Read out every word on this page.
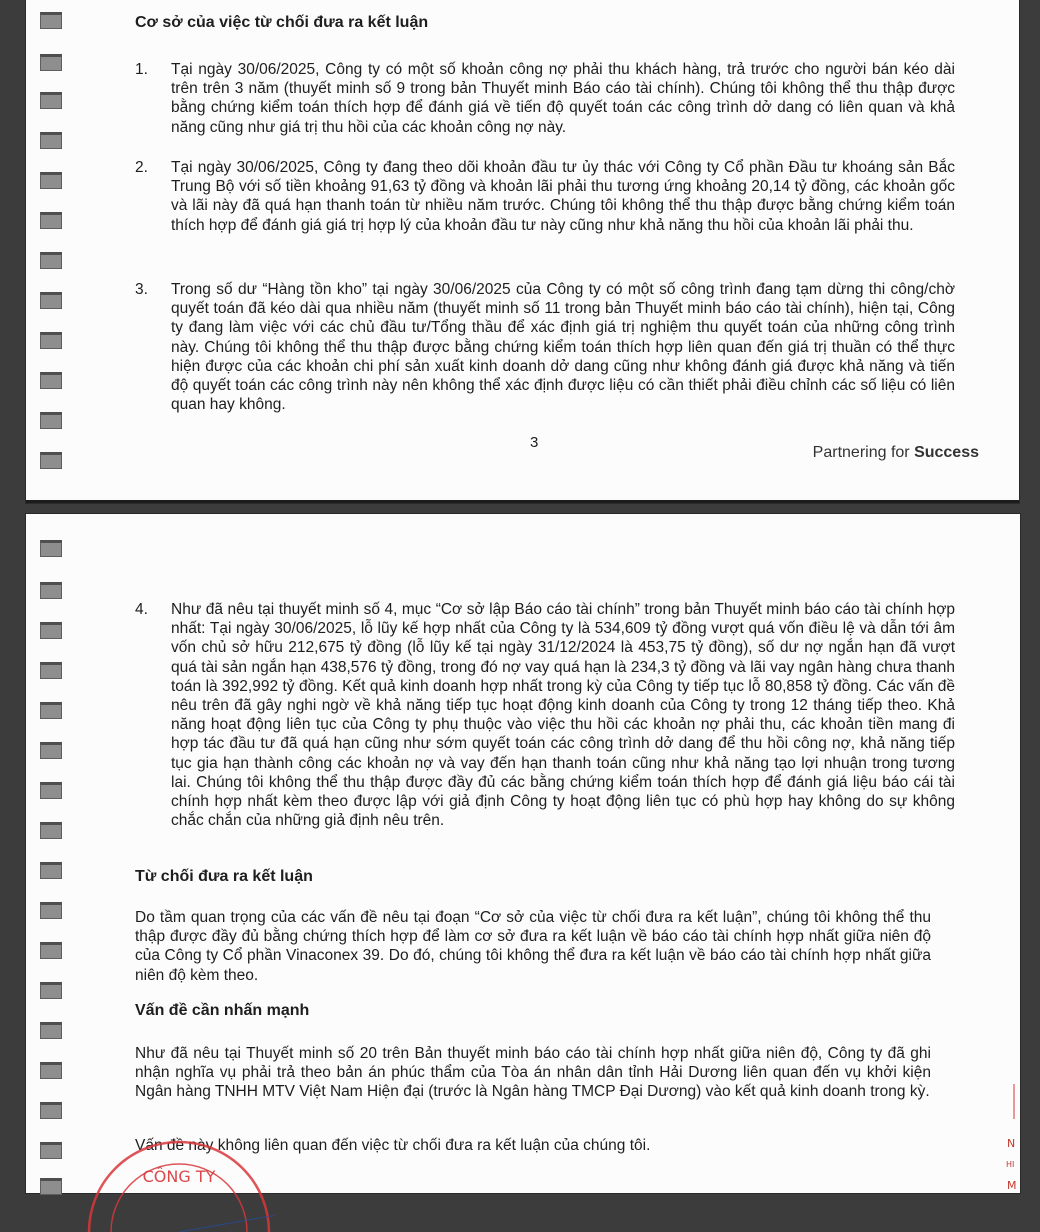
Cơ sở của việc từ chối đưa ra kết luận
1. Tại ngày 30/06/2025, Công ty có một số khoản công nợ phải thu khách hàng, trả trước cho người bán kéo dài trên trên 3 năm (thuyết minh số 9 trong bản Thuyết minh Báo cáo tài chính). Chúng tôi không thể thu thập được bằng chứng kiểm toán thích hợp để đánh giá về tiến độ quyết toán các công trình dở dang có liên quan và khả năng cũng như giá trị thu hồi của các khoản công nợ này.
2. Tại ngày 30/06/2025, Công ty đang theo dõi khoản đầu tư ủy thác với Công ty Cổ phần Đầu tư khoáng sản Bắc Trung Bộ với số tiền khoảng 91,63 tỷ đồng và khoản lãi phải thu tương ứng khoảng 20,14 tỷ đồng, các khoản gốc và lãi này đã quá hạn thanh toán từ nhiều năm trước. Chúng tôi không thể thu thập được bằng chứng kiểm toán thích hợp để đánh giá giá trị hợp lý của khoản đầu tư này cũng như khả năng thu hồi của khoản lãi phải thu.
3. Trong số dư “Hàng tồn kho” tại ngày 30/06/2025 của Công ty có một số công trình đang tạm dừng thi công/chờ quyết toán đã kéo dài qua nhiều năm (thuyết minh số 11 trong bản Thuyết minh báo cáo tài chính), hiện tại, Công ty đang làm việc với các chủ đầu tư/Tổng thầu để xác định giá trị nghiệm thu quyết toán của những công trình này. Chúng tôi không thể thu thập được bằng chứng kiểm toán thích hợp liên quan đến giá trị thuần có thể thực hiện được của các khoản chi phí sản xuất kinh doanh dở dang cũng như không đánh giá được khả năng và tiến độ quyết toán các công trình này nên không thể xác định được liệu có cần thiết phải điều chỉnh các số liệu có liên quan hay không.
3
Partnering for Success
4. Như đã nêu tại thuyết minh số 4, mục “Cơ sở lập Báo cáo tài chính” trong bản Thuyết minh báo cáo tài chính hợp nhất: Tại ngày 30/06/2025, lỗ lũy kế hợp nhất của Công ty là 534,609 tỷ đồng vượt quá vốn điều lệ và dẫn tới âm vốn chủ sở hữu 212,675 tỷ đồng (lỗ lũy kế tại ngày 31/12/2024 là 453,75 tỷ đồng), số dư nợ ngắn hạn đã vượt quá tài sản ngắn hạn 438,576 tỷ đồng, trong đó nợ vay quá hạn là 234,3 tỷ đồng và lãi vay ngân hàng chưa thanh toán là 392,992 tỷ đồng. Kết quả kinh doanh hợp nhất trong kỳ của Công ty tiếp tục lỗ 80,858 tỷ đồng. Các vấn đề nêu trên đã gây nghi ngờ về khả năng tiếp tục hoạt động kinh doanh của Công ty trong 12 tháng tiếp theo. Khả năng hoạt động liên tục của Công ty phụ thuộc vào việc thu hồi các khoản nợ phải thu, các khoản tiền mang đi hợp tác đầu tư đã quá hạn cũng như sớm quyết toán các công trình dở dang để thu hồi công nợ, khả năng tiếp tục gia hạn thành công các khoản nợ và vay đến hạn thanh toán cũng như khả năng tạo lợi nhuận trong tương lai. Chúng tôi không thể thu thập được đầy đủ các bằng chứng kiểm toán thích hợp để đánh giá liệu báo cái tài chính hợp nhất kèm theo được lập với giả định Công ty hoạt động liên tục có phù hợp hay không do sự không chắc chắn của những giả định nêu trên.
Từ chối đưa ra kết luận

Do tầm quan trọng của các vấn đề nêu tại đoạn “Cơ sở của việc từ chối đưa ra kết luận”, chúng tôi không thể thu thập được đầy đủ bằng chứng thích hợp để làm cơ sở đưa ra kết luận về báo cáo tài chính hợp nhất giữa niên độ của Công ty Cổ phần Vinaconex 39. Do đó, chúng tôi không thể đưa ra kết luận về báo cáo tài chính hợp nhất giữa niên độ kèm theo.

Vấn đề cần nhấn mạnh

Như đã nêu tại Thuyết minh số 20 trên Bản thuyết minh báo cáo tài chính hợp nhất giữa niên độ, Công ty đã ghi nhận nghĩa vụ phải trả theo bản án phúc thẩm của Tòa án nhân dân tỉnh Hải Dương liên quan đến vụ khởi kiện Ngân hàng TNHH MTV Việt Nam Hiện đại (trước là Ngân hàng TMCP Đại Dương) vào kết quả kinh doanh trong kỳ.

Vấn đề này không liên quan đến việc từ chối đưa ra kết luận của chúng tôi.

CÔNG TY
N
HI
M
